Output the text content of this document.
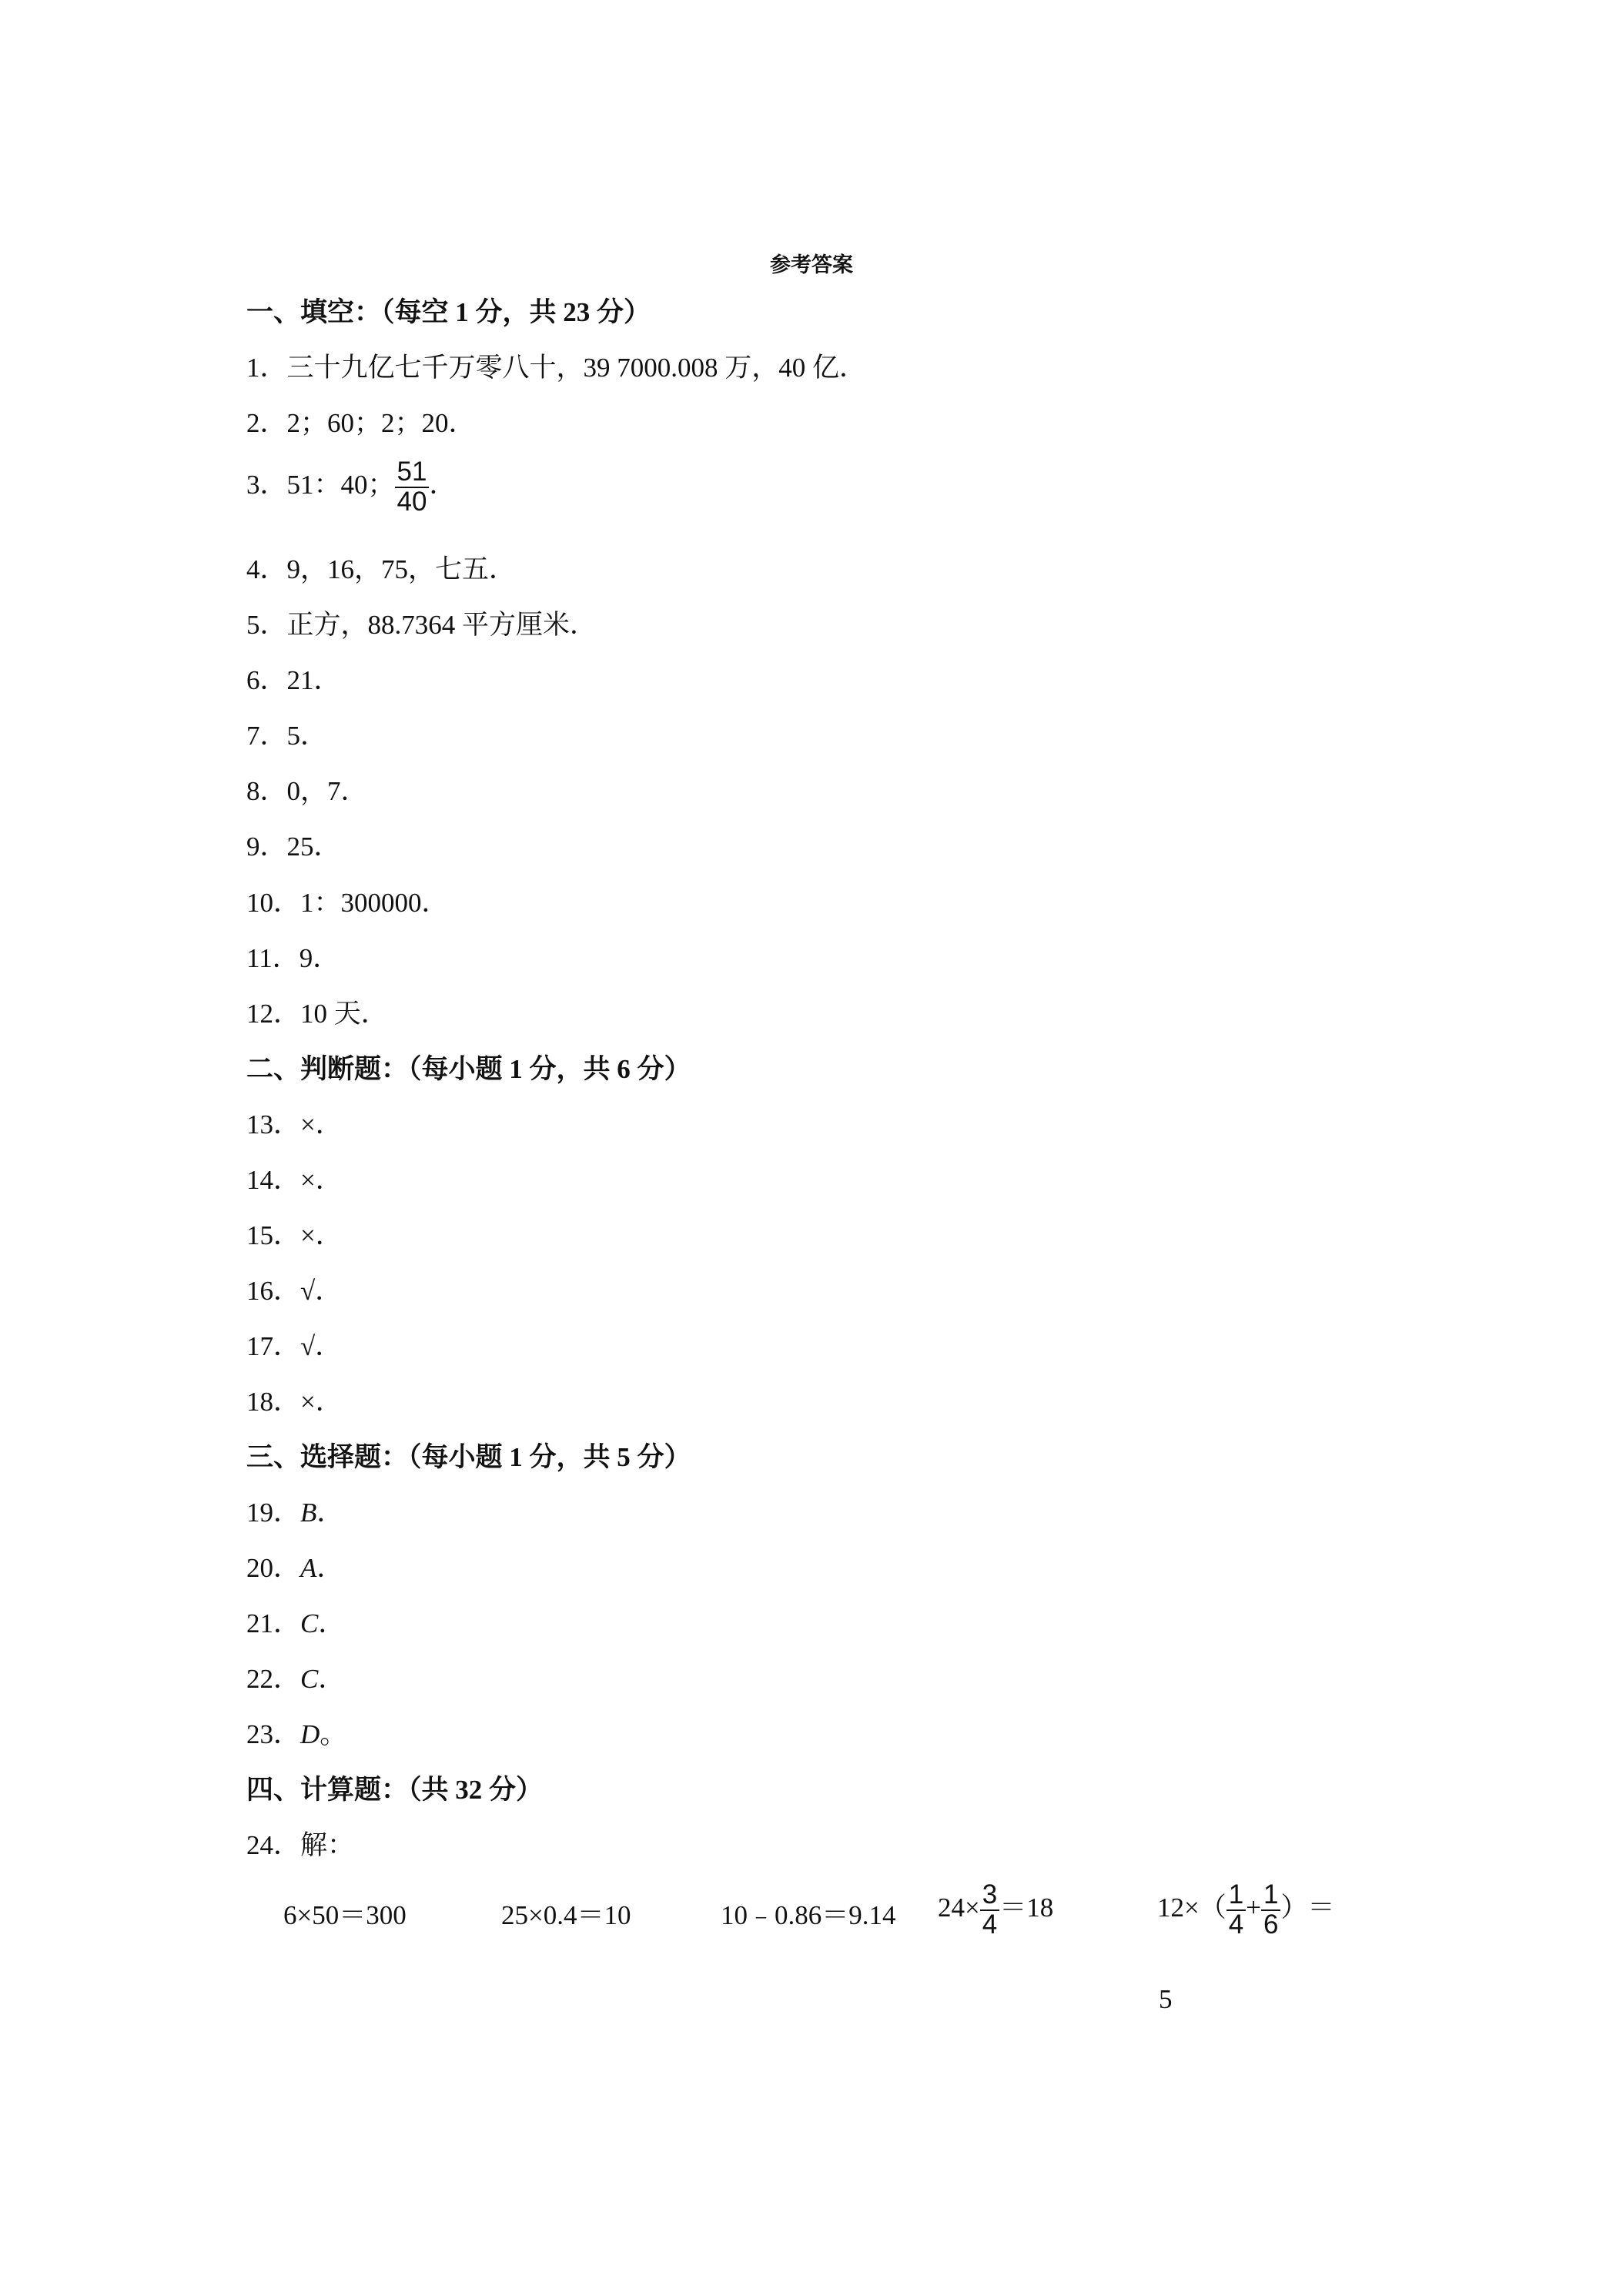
参考答案
一、填空：（每空 1 分，共 23 分）
1．三十九亿七千万零八十，39 7000.008 万，40 亿．
2．2；60；2；20．
3．51：40； $\frac{51}{40}$ ．
4．9，16，75，七五．
5．正方，88.7364 平方厘米．
6．21．
7．5．
8．0，7．
9．25．
10．1：300000．
11．9．
12．10 天．
二、判断题：（每小题 1 分，共 6 分）
13．×．
14．×．
15．×．
16．√．
17．√．
18．×．
三、选择题：（每小题 1 分，共 5 分）
19．B．
20．A．
21．C．
22．C．
23．D。
四、计算题：（共 32 分）
24．解：
6×50＝300	25×0.4＝10	10﹣0.86＝9.14 $24\times \frac{3}{4} =18$	$12\times( \frac{1}{4} + \frac{1}{6}$ ）＝
5
